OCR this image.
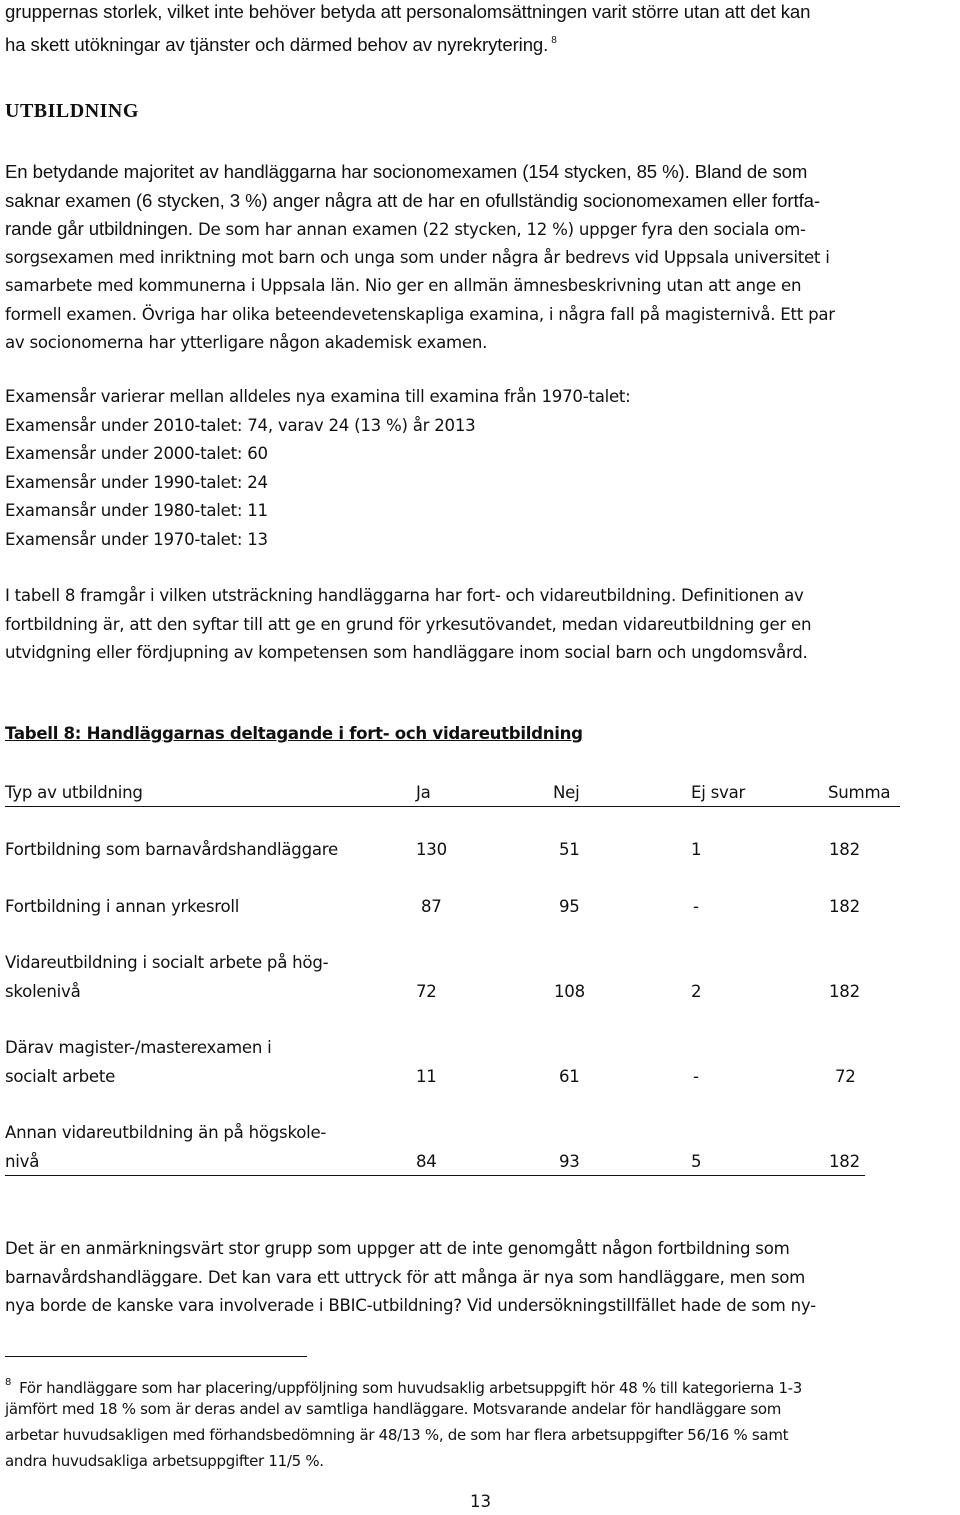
gruppernas storlek, vilket inte behöver betyda att personalomsättningen varit större utan att det kan
ha skett utökningar av tjänster och därmed behov av nyrekrytering. $^8$
UTBILDNING
En betydande majoritet av handläggarna har socionomexamen (154 stycken, 85 %). Bland de som
saknar examen (6 stycken, 3 %) anger några att de har en ofullständig socionomexamen eller fortfa-
rande går utbildningen. De som har annan examen (22 stycken, 12 %) uppger fyra den sociala om-
sorgsexamen med inriktning mot barn och unga som under några år bedrevs vid Uppsala universitet i
samarbete med kommunerna i Uppsala län. Nio ger en allmän ämnesbeskrivning utan att ange en
formell examen. Övriga har olika beteendevetenskapliga examina, i några fall på magisternivå. Ett par
av socionomerna har ytterligare någon akademisk examen.
Examensår varierar mellan alldeles nya examina till examina från 1970-talet:
Examensår under 2010-talet: 74, varav 24 (13 %) år 2013
Examensår under 2000-talet: 60
Examensår under 1990-talet: 24
Examansår under 1980-talet: 11
Examensår under 1970-talet: 13
I tabell 8 framgår i vilken utsträckning handläggarna har fort- och vidareutbildning. Definitionen av
fortbildning är, att den syftar till att ge en grund för yrkesutövandet, medan vidareutbildning ger en
utvidgning eller fördjupning av kompetensen som handläggare inom social barn och ungdomsvård.
Tabell 8: Handläggarnas deltagande i fort- och vidareutbildning
Typ av utbildning	Ja	Nej	Ej svar	Summa
Fortbildning som barnavårdshandläggare	130	51	1	182
Fortbildning i annan yrkesroll	87	95	-	182
Vidareutbildning i socialt arbete på hög-
skolenivå	72	108	2	182
Därav magister-/masterexamen i
socialt arbete	11	61	-	72
Annan vidareutbildning än på högskole-
nivå	84	93	5	182
Det är en anmärkningsvärt stor grupp som uppger att de inte genomgått någon fortbildning som
barnavårdshandläggare. Det kan vara ett uttryck för att många är nya som handläggare, men som
nya borde de kanske vara involverade i BBIC-utbildning? Vid undersökningstillfället hade de som ny-
$^8$ För handläggare som har placering/uppföljning som huvudsaklig arbetsuppgift hör 48 % till kategorierna 1-3
jämfört med 18 % som är deras andel av samtliga handläggare. Motsvarande andelar för handläggare som
arbetar huvudsakligen med förhandsbedömning är 48/13 %, de som har flera arbetsuppgifter 56/16 % samt
andra huvudsakliga arbetsuppgifter 11/5 %.
13
